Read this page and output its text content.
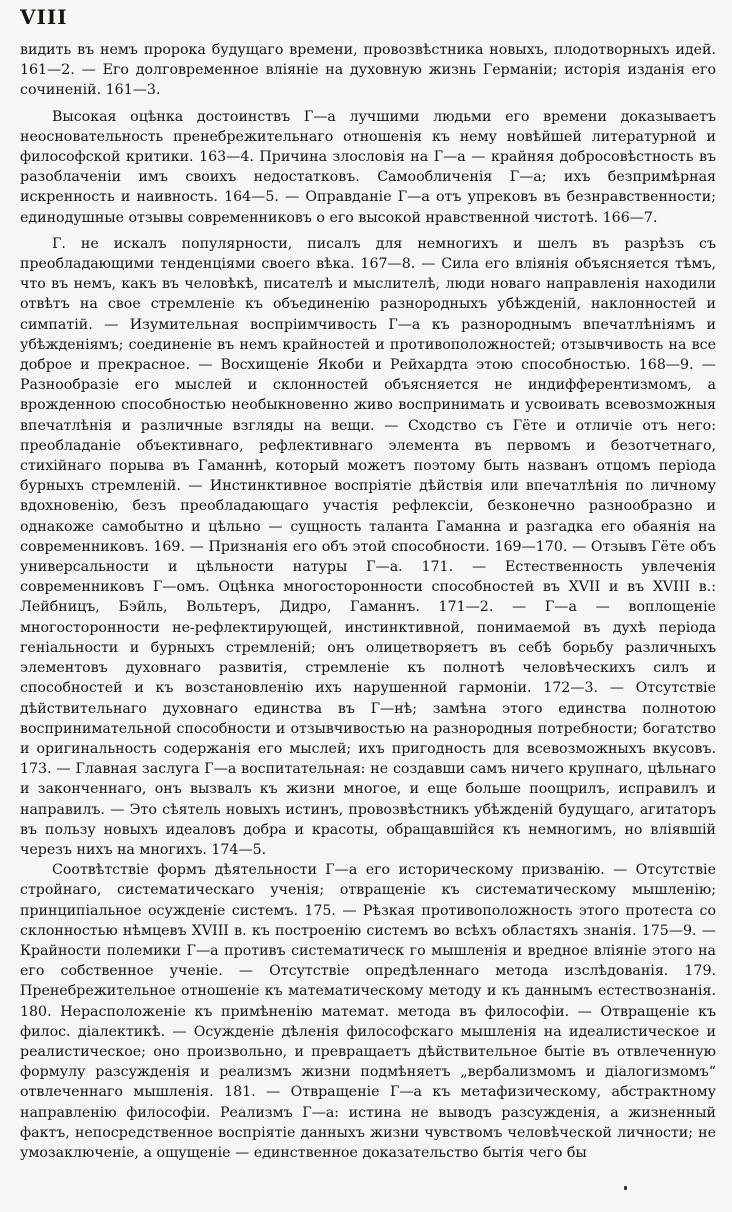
VIII

видить въ немъ пророка будущаго времени, провозвѣстника новыхъ, плодотворныхъ идей. 161—2. — Его долговременное вліяніе на духовную жизнь Германіи; исторія изданія его сочиненій. 161—3.

Высокая оцѣнка достоинствъ Г—а лучшими людьми его времени доказываетъ неосновательность пренебрежительнаго отношенія къ нему новѣйшей литературной и философской критики. 163—4. Причина злословія на Г—а — крайняя добросовѣстность въ разоблаченіи имъ своихъ недостатковъ. Самообличенія Г—а; ихъ безпримѣрная искренность и наивность. 164—5. — Оправданіе Г—а отъ упрековъ въ безнравственности; единодушные отзывы современниковъ о его высокой нравственной чистотѣ. 166—7.

Г. не искалъ популярности, писалъ для немногихъ и шелъ въ разрѣзъ съ преобладающими тенденціями своего вѣка. 167—8. — Сила его вліянія объясняется тѣмъ, что въ немъ, какъ въ человѣкѣ, писателѣ и мыслителѣ, люди новаго направленія находили отвѣтъ на свое стремленіе къ объединенію разнородныхъ убѣжденій, наклонностей и симпатій. — Изумительная воспріимчивость Г—а къ разнороднымъ впечатлѣніямъ и убѣжденіямъ; соединеніе въ немъ крайностей и противоположностей; отзывчивость на все доброе и прекрасное. — Восхищеніе Якоби и Рейхардта этою способностью. 168—9. — Разнообразіе его мыслей и склонностей объясняется не индифферентизмомъ, а врожденною способностью необыкновенно живо воспринимать и усвоивать всевозможныя впечатлѣнія и различные взгляды на вещи. — Сходство съ Гёте и отличіе отъ него: преобладаніе объективнаго, рефлективнаго элемента въ первомъ и безотчетнаго, стихійнаго порыва въ Гаманнѣ, который можетъ поэтому быть названъ отцомъ періода бурныхъ стремленій. — Инстинктивное воспріятіе дѣйствія или впечатлѣнія по личному вдохновенію, безъ преобладающаго участія рефлексіи, безконечно разнообразно и однакоже самобытно и цѣльно — сущность таланта Гаманна и разгадка его обаянія на современниковъ. 169. — Признанія его объ этой способности. 169—170. — Отзывъ Гёте объ универсальности и цѣльности натуры Г—а. 171. — Естественность увлеченія современниковъ Г—омъ. Оцѣнка многосторонности способностей въ XVII и въ XVIII в.: Лейбницъ, Бэйль, Вольтеръ, Дидро, Гаманнъ. 171—2. — Г—а — воплощеніе многосторонности не-рефлектирующей, инстинктивной, понимаемой въ духѣ періода геніальности и бурныхъ стремленій; онъ олицетворяетъ въ себѣ борьбу различныхъ элементовъ духовнаго развитія, стремленіе къ полнотѣ человѣческихъ силъ и способностей и къ возстановленію ихъ нарушенной гармоніи. 172—3. — Отсутствіе дѣйствительнаго духовнаго единства въ Г—нѣ; замѣна этого единства полнотою воспринимательной способности и отзывчивостью на разнородныя потребности; богатство и оригинальность содержанія его мыслей; ихъ пригодность для всевозможныхъ вкусовъ. 173. — Главная заслуга Г—а воспитательная: не создавши самъ ничего крупнаго, цѣльнаго и законченнаго, онъ вызвалъ къ жизни многое, и еще больше поощрилъ, исправилъ и направилъ. — Это сѣятель новыхъ истинъ, провозвѣстникъ убѣжденій будущаго, агитаторъ въ пользу новыхъ идеаловъ добра и красоты, обращавшійся къ немногимъ, но вліявшій черезъ нихъ на многихъ. 174—5.

Соотвѣтствіе формъ дѣятельности Г—а его историческому призванію. — Отсутствіе стройнаго, систематическаго ученія; отвращеніе къ систематическому мышленію; принципіальное осужденіе системъ. 175. — Рѣзкая противоположность этого протеста со склонностью нѣмцевъ XVIII в. къ построенію системъ во всѣхъ областяхъ знанія. 175—9. — Крайности полемики Г—а противъ систематическ го мышленія и вредное вліяніе этого на его собственное ученіе. — Отсутствіе опредѣленнаго метода изслѣдованія. 179. Пренебрежительное отношеніе къ математическому методу и къ даннымъ естествознанія. 180. Нерасположеніе къ примѣненію математ. метода въ философіи. — Отвращеніе къ филос. діалектикѣ. — Осужденіе дѣленія философскаго мышленія на идеалистическое и реалистическое; оно произвольно, и превращаетъ дѣйствительное бытіе въ отвлеченную формулу разсужденія и реализмъ жизни подмѣняетъ „вербализмомъ и діалогизмомъ“ отвлеченнаго мышленія. 181. — Отвращеніе Г—а къ метафизическому, абстрактному направленію философіи. Реализмъ Г—а: истина не выводъ разсужденія, а жизненный фактъ, непосредственное воспріятіе данныхъ жизни чувствомъ человѣческой личности; не умозаключеніе, а ощущеніе — единственное доказательство бытія чего бы
